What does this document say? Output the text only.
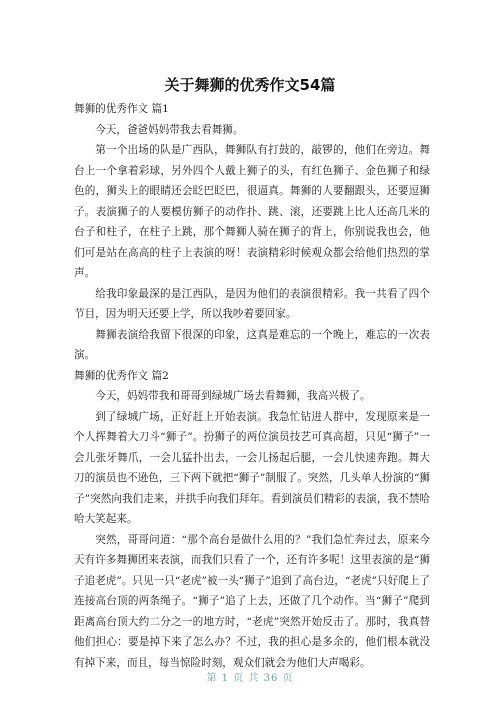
关于舞狮的优秀作文54篇

舞狮的优秀作文 篇1

今天，爸爸妈妈带我去看舞狮。

第一个出场的队是广西队，舞狮队有打鼓的，敲锣的，他们在旁边。舞台上一个拿着彩球，另外四个人戴上狮子的头，有红色狮子、金色狮子和绿色的，狮头上的眼睛还会眨巴眨巴，很逼真。舞狮的人要翻跟头，还要逗狮子。表演狮子的人要模仿狮子的动作扑、跳、滚，还要跳上比人还高几米的台子和柱子，在柱子上跳，那个舞狮人骑在狮子的背上，你别说我也会，他们可是站在高高的柱子上表演的呀！表演精彩时候观众都会给他们热烈的掌声。

给我印象最深的是江西队，是因为他们的表演很精彩。我一共看了四个节目，因为明天还要上学，所以我吵着要回家。

舞狮表演给我留下很深的印象，这真是难忘的一个晚上，难忘的一次表演。

舞狮的优秀作文 篇2

今天，妈妈带我和哥哥到绿城广场去看舞狮，我高兴极了。

到了绿城广场，正好赶上开始表演。我急忙钻进人群中，发现原来是一个人挥舞着大刀斗“狮子”。扮狮子的两位演员技艺可真高超，只见“狮子”一会儿张牙舞爪，一会儿猛扑出去，一会儿扬起后腿，一会儿快速奔跑。舞大刀的演员也不逊色，三下两下就把“狮子”制服了。突然，几头单人扮演的“狮子”突然向我们走来，并拱手向我们拜年。看到演员们精彩的表演，我不禁哈哈大笑起来。

突然，哥哥问道：“那个高台是做什么用的？”我们急忙奔过去，原来今天有许多舞狮团来表演，而我们只看了一个，还有许多呢！这里表演的是“狮子追老虎”。只见一只“老虎”被一头“狮子”追到了高台边，“老虎”只好爬上了连接高台顶的两条绳子。“狮子”追了上去，还做了几个动作。当“狮子”爬到距离高台顶大约二分之一的地方时，“老虎”突然开始反击了。那时，我真替他们担心：要是掉下来了怎么办？不过，我的担心是多余的，他们根本就没有掉下来，而且，每当惊险时刻，观众们就会为他们大声喝彩。

第 1 页 共 36 页
